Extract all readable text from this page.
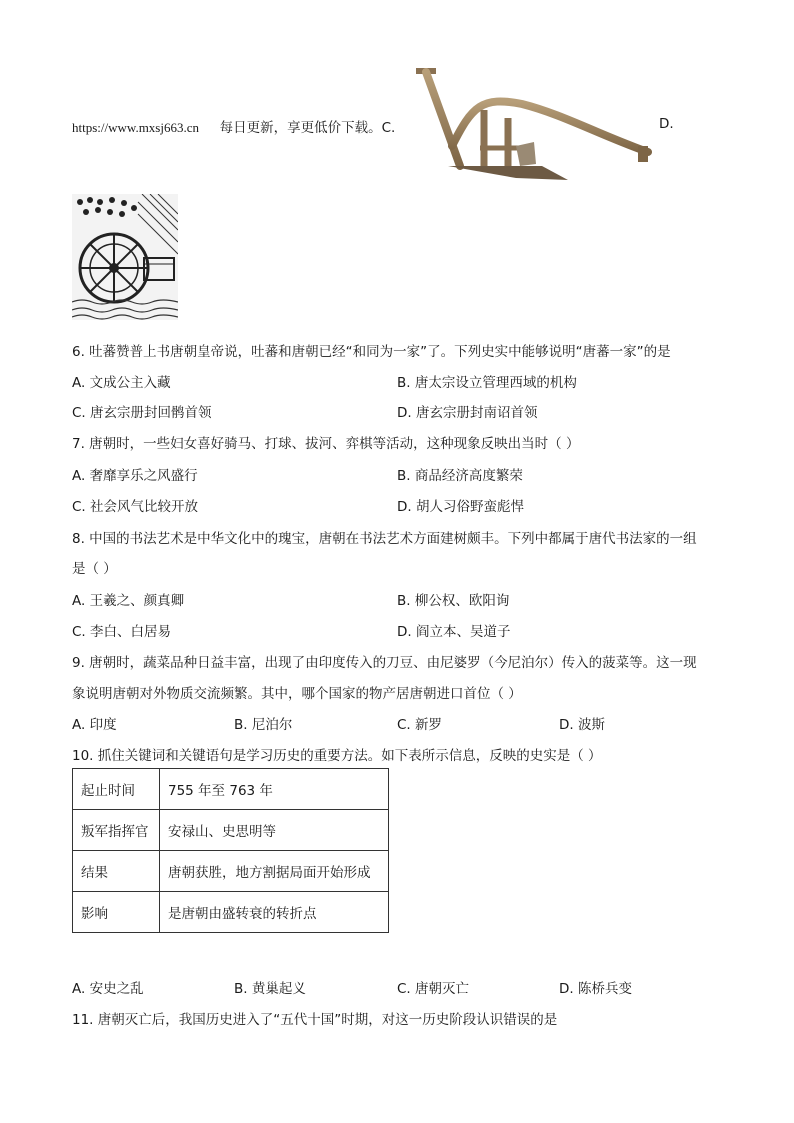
https://www.mxsj663.cn 每日更新，享更低价下载。C.	D.
6. 吐蕃赞普上书唐朝皇帝说，吐蕃和唐朝已经“和同为一家”了。下列史实中能够说明“唐蕃一家”的是
A. 文成公主入藏	B. 唐太宗设立管理西域的机构
C. 唐玄宗册封回鹘首领	D. 唐玄宗册封南诏首领
7. 唐朝时，一些妇女喜好骑马、打球、拔河、弈棋等活动，这种现象反映出当时（ ）
A. 奢靡享乐之风盛行	B. 商品经济高度繁荣
C. 社会风气比较开放	D. 胡人习俗野蛮彪悍
8. 中国的书法艺术是中华文化中的瑰宝，唐朝在书法艺术方面建树颇丰。下列中都属于唐代书法家的一组
是（ ）
A. 王羲之、颜真卿	B. 柳公权、欧阳询
C. 李白、白居易	D. 阎立本、吴道子
9. 唐朝时，蔬菜品种日益丰富，出现了由印度传入的刀豆、由尼婆罗（今尼泊尔）传入的菠菜等。这一现
象说明唐朝对外物质交流频繁。其中，哪个国家的物产居唐朝进口首位（ ）
A. 印度	B. 尼泊尔	C. 新罗	D. 波斯
10. 抓住关键词和关键语句是学习历史的重要方法。如下表所示信息，反映的史实是（ ）
起止时间	755 年至 763 年
叛军指挥官	安禄山、史思明等
结果	唐朝获胜，地方割据局面开始形成
影响	是唐朝由盛转衰的转折点
A. 安史之乱	B. 黄巢起义	C. 唐朝灭亡	D. 陈桥兵变
11. 唐朝灭亡后，我国历史进入了“五代十国”时期，对这一历史阶段认识错误的是
